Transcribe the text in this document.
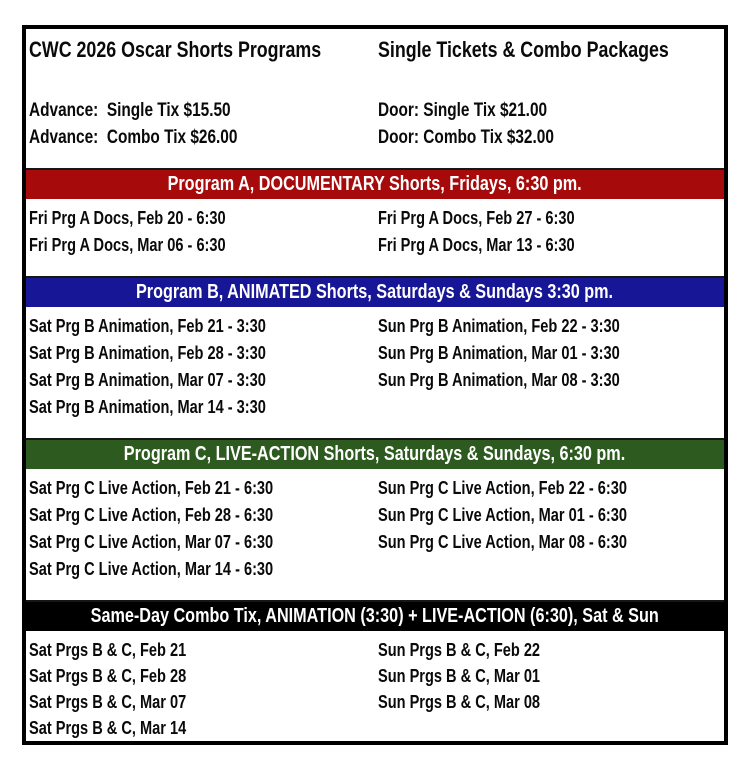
CWC 2026 Oscar Shorts Programs	Single Tickets & Combo Packages
Advance:  Single Tix $15.50	Door: Single Tix $21.00
Advance:  Combo Tix $26.00	Door: Combo Tix $32.00
Program A, DOCUMENTARY Shorts, Fridays, 6:30 pm.
Fri Prg A Docs, Feb 20 - 6:30	Fri Prg A Docs, Feb 27 - 6:30
Fri Prg A Docs, Mar 06 - 6:30	Fri Prg A Docs, Mar 13 - 6:30
Program B, ANIMATED Shorts, Saturdays & Sundays 3:30 pm.
Sat Prg B Animation, Feb 21 - 3:30	Sun Prg B Animation, Feb 22 - 3:30
Sat Prg B Animation, Feb 28 - 3:30	Sun Prg B Animation, Mar 01 - 3:30
Sat Prg B Animation, Mar 07 - 3:30	Sun Prg B Animation, Mar 08 - 3:30
Sat Prg B Animation, Mar 14 - 3:30
Program C, LIVE-ACTION Shorts, Saturdays & Sundays, 6:30 pm.
Sat Prg C Live Action, Feb 21 - 6:30	Sun Prg C Live Action, Feb 22 - 6:30
Sat Prg C Live Action, Feb 28 - 6:30	Sun Prg C Live Action, Mar 01 - 6:30
Sat Prg C Live Action, Mar 07 - 6:30	Sun Prg C Live Action, Mar 08 - 6:30
Sat Prg C Live Action, Mar 14 - 6:30
Same-Day Combo Tix, ANIMATION (3:30) + LIVE-ACTION (6:30), Sat & Sun
Sat Prgs B & C, Feb 21	Sun Prgs B & C, Feb 22
Sat Prgs B & C, Feb 28	Sun Prgs B & C, Mar 01
Sat Prgs B & C, Mar 07	Sun Prgs B & C, Mar 08
Sat Prgs B & C, Mar 14
